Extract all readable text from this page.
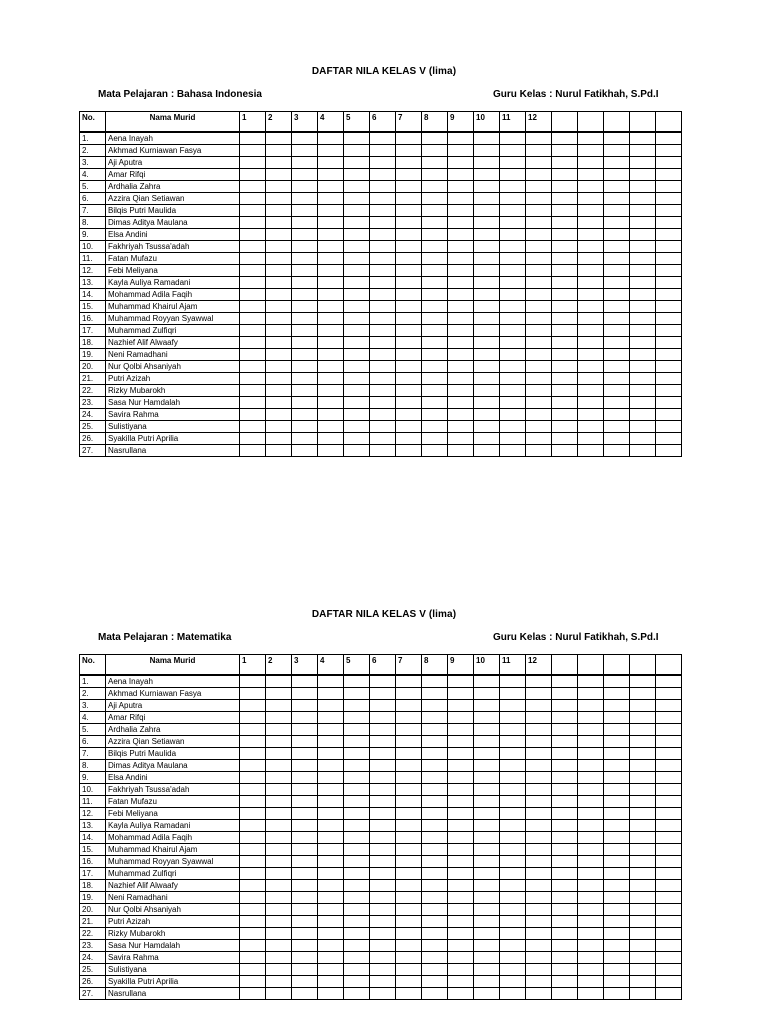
DAFTAR NILA KELAS V (lima)
Mata Pelajaran : Bahasa Indonesia	Guru Kelas : Nurul Fatikhah, S.Pd.I
No.	Nama Murid	1	2	3	4	5	6	7	8	9	10	11	12					
1.	Aena Inayah																	
2.	Akhmad Kurniawan Fasya																	
3.	Aji Aputra																	
4.	Amar Rifqi																	
5.	Ardhalia Zahra																	
6.	Azzira Qian Setiawan																	
7.	Bilqis Putri Maulida																	
8.	Dimas Aditya Maulana																	
9.	Elsa Andini																	
10.	Fakhriyah Tsussa'adah																	
11.	Fatan Mufazu																	
12.	Febi Meliyana																	
13.	Kayla Auliya Ramadani																	
14.	Mohammad Adila Faqih																	
15.	Muhammad Khairul Ajam																	
16.	Muhammad Royyan Syawwal																	
17.	Muhammad Zulfiqri																	
18.	Nazhief Alif Alwaafy																	
19.	Neni Ramadhani																	
20.	Nur Qolbi Ahsaniyah																	
21.	Putri Azizah																	
22.	Rizky Mubarokh																	
23.	Sasa Nur Hamdalah																	
24.	Savira Rahma																	
25.	Sulistiyana																	
26.	Syakilla Putri Aprilia																	
27.	Nasrullana																	
DAFTAR NILA KELAS V (lima)
Mata Pelajaran : Matematika	Guru Kelas : Nurul Fatikhah, S.Pd.I
No.	Nama Murid	1	2	3	4	5	6	7	8	9	10	11	12					
1.	Aena Inayah																	
2.	Akhmad Kurniawan Fasya																	
3.	Aji Aputra																	
4.	Amar Rifqi																	
5.	Ardhalia Zahra																	
6.	Azzira Qian Setiawan																	
7.	Bilqis Putri Maulida																	
8.	Dimas Aditya Maulana																	
9.	Elsa Andini																	
10.	Fakhriyah Tsussa'adah																	
11.	Fatan Mufazu																	
12.	Febi Meliyana																	
13.	Kayla Auliya Ramadani																	
14.	Mohammad Adila Faqih																	
15.	Muhammad Khairul Ajam																	
16.	Muhammad Royyan Syawwal																	
17.	Muhammad Zulfiqri																	
18.	Nazhief Alif Alwaafy																	
19.	Neni Ramadhani																	
20.	Nur Qolbi Ahsaniyah																	
21.	Putri Azizah																	
22.	Rizky Mubarokh																	
23.	Sasa Nur Hamdalah																	
24.	Savira Rahma																	
25.	Sulistiyana																	
26.	Syakilla Putri Aprilia																	
27.	Nasrullana																	
